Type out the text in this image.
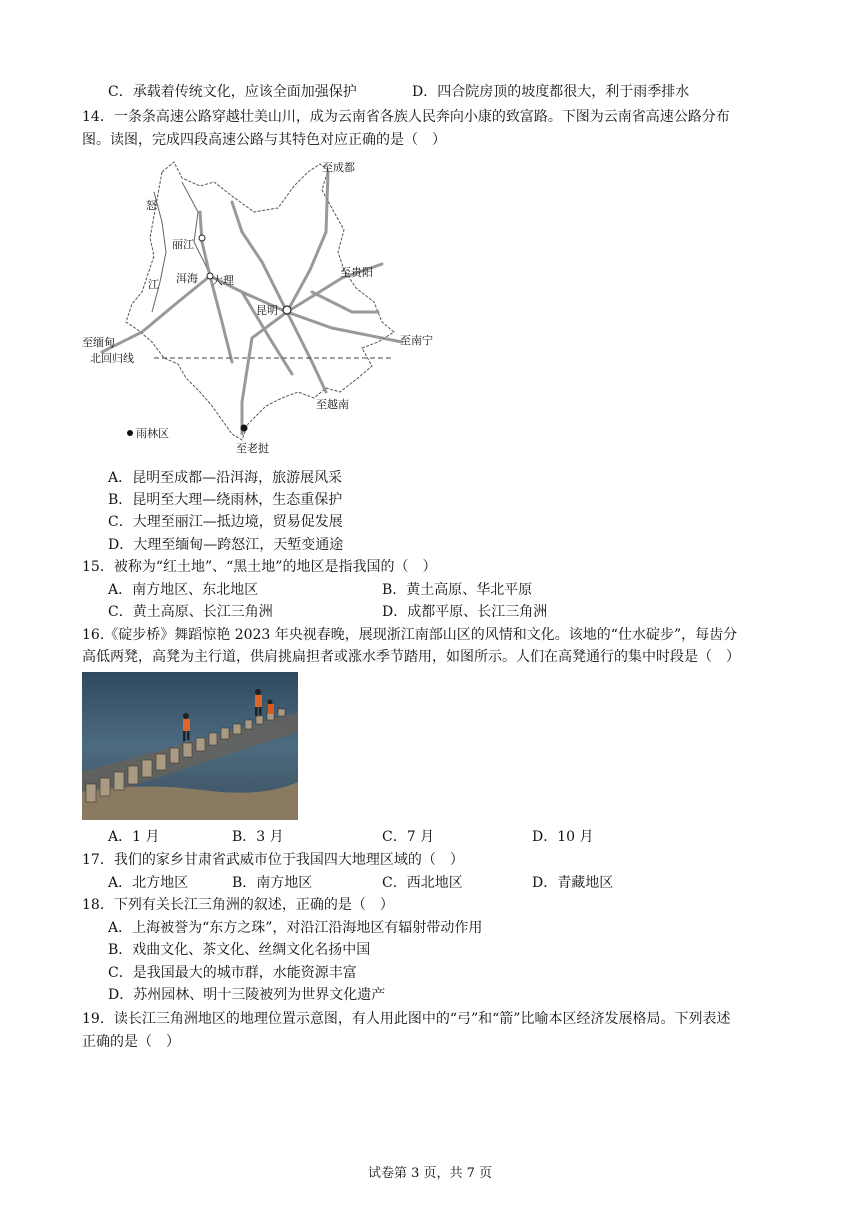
C．承载着传统文化，应该全面加强保护	D．四合院房顶的坡度都很大，利于雨季排水
14．一条条高速公路穿越壮美山川，成为云南省各族人民奔向小康的致富路。下图为云南省高速公路分布
图。读图，完成四段高速公路与其特色对应正确的是（　）
至成都
怒
丽江
江 洱海 大理
至贵阳
昆明
至南宁
至缅甸
北回归线
至越南
雨林区
至老挝
A．昆明至成都—沿洱海，旅游展风采
B．昆明至大理—绕雨林，生态重保护
C．大理至丽江—抵边境，贸易促发展
D．大理至缅甸—跨怒江，天堑变通途
15．被称为“红土地”、“黑土地”的地区是指我国的（　）
A．南方地区、东北地区	B．黄土高原、华北平原
C．黄土高原、长江三角洲	D．成都平原、长江三角洲
16.《碇步桥》舞蹈惊艳 2023 年央视春晚，展现浙江南部山区的风情和文化。该地的“仕水碇步”，每齿分
高低两凳，高凳为主行道，供肩挑扁担者或涨水季节踏用，如图所示。人们在高凳通行的集中时段是（　）
A．1 月	B．3 月	C．7 月	D．10 月
17．我们的家乡甘肃省武威市位于我国四大地理区域的（　）
A．北方地区	B．南方地区	C．西北地区	D．青藏地区
18．下列有关长江三角洲的叙述，正确的是（　）
A．上海被誉为“东方之珠”，对沿江沿海地区有辐射带动作用
B．戏曲文化、茶文化、丝绸文化名扬中国
C．是我国最大的城市群，水能资源丰富
D．苏州园林、明十三陵被列为世界文化遗产
19．读长江三角洲地区的地理位置示意图，有人用此图中的“弓”和“箭”比喻本区经济发展格局。下列表述
正确的是（　）
试卷第 3 页，共 7 页
